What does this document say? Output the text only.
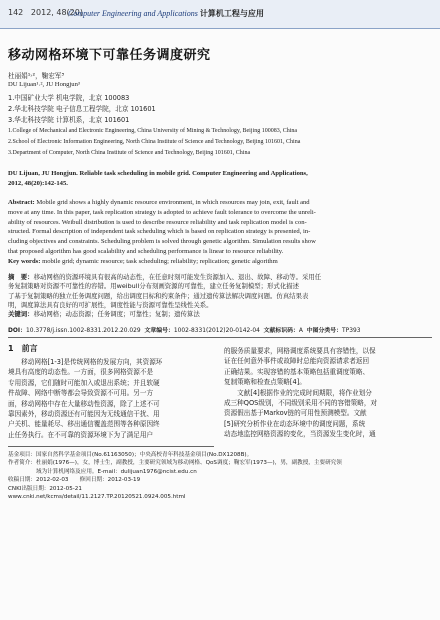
142 2012, 48(20)
Computer Engineering and Applications 计算机工程与应用
移动网格环境下可靠任务调度研究
杜丽娟¹˒²，鞠宏军³
DU Lijuan¹˒², JU Hongjun³
1.中国矿业大学 机电学院，北京 100083
2.华北科技学院 电子信息工程学院，北京 101601
3.华北科技学院 计算机系，北京 101601
1.College of Mechanical and Electronic Engineering, China University of Mining & Technology, Beijing 100083, China
2.School of Electronic Information Engineering, North China Institute of Science and Technology, Beijing 101601, China
3.Department of Computer, North China Institute of Science and Technology, Beijing 101601, China
DU Lijuan, JU Hongjun. Reliable task scheduling in mobile grid. Computer Engineering and Applications,
2012, 48(20):142-145.
Abstract: Mobile grid shows a highly dynamic resource environment, in which resources may join, exit, fault and
move at any time. In this paper, task replication strategy is adopted to achieve fault tolerance to overcome the unreli-
ability of resources. Weibull distribution is used to describe resource reliability and task replication model is con-
structed. Formal description of independent task scheduling which is based on replication strategy is presented, in-
cluding objectives and constraints. Scheduling problem is solved through genetic algorithm. Simulation results show
that proposed algorithm has good scalability and scheduling performance is linear to resource reliability.
Key words: mobile grid; dynamic resource; task scheduling; reliability; replication; genetic algorithm
摘　要：移动网格的资源环境具有很高的动态性，在任意时刻可能发生资源加入、退出、故障、移动等。采用任
务复制策略对资源不可靠性的容错。用weibull分布刻画资源的可靠性，建立任务复制模型；形式化描述
了基于复制策略的独立任务调度问题，给出调度目标和约束条件；通过遗传算法解决调度问题。仿真结果表
明，调度算法具有良好的可扩展性，调度性能与资源可靠性呈线性关系。
关键词：移动网格；动态资源；任务调度；可靠性；复制；遗传算法
DOI：10.3778/j.issn.1002-8331.2012.20.029 文章编号：1002-8331(2012)20-0142-04 文献标识码：A 中图分类号：TP393
1　前言
　　移动网格[1-3]是传统网格的发展方向，其资源环
境具有高度的动态性。一方面，很多网格资源不是
专用资源，它们随时可能加入或退出系统；并且软硬
件故障、网络中断等都会导致资源不可用。另一方
面，移动网格中存在大量移动性资源，除了上述不可
靠因素外，移动资源还有可能因为无线通信干扰、用
户关机、能量耗尽、移出通信覆盖范围等各种原因终
止任务执行。在不可靠的资源环境下为了满足用户
的服务质量要求，网格调度系统要具有容错性，以保
证在任何意外事件或故障时总能向资源请求者返回
正确结果。实现容错的基本策略包括重调度策略、
复制策略和检查点策略[4]。
　　文献[4]根据作业的完成时间期限，将作业划分
成三种QOS级别，不同级别采用不同的容错策略，对
资源假出基于Markov链的可用性预测模型。文献
[5]研究分析作业在动态环境中的调度问题，系统
动态地监控网格资源的变化，当资源发生变化时，通
基金项目：国家自然科学基金项目(No.61163050)；中央高校青年科技基金项目(No.DX1208B)。
作者简介：杜丽娟(1976—)，女，博士生，副教授，主要研究领域为移动网格、QoS调度；鞠宏军(1973—)，男，副教授，主要研究领
　　　　　域为计算机网络及应用。E-mail：dulijuan1976@ncist.edu.cn
收稿日期：2012-02-03　　修回日期：2012-03-19
CNKI出版日期：2012-05-21
www.cnki.net/kcms/detail/11.2127.TP.20120521.0924.005.html
